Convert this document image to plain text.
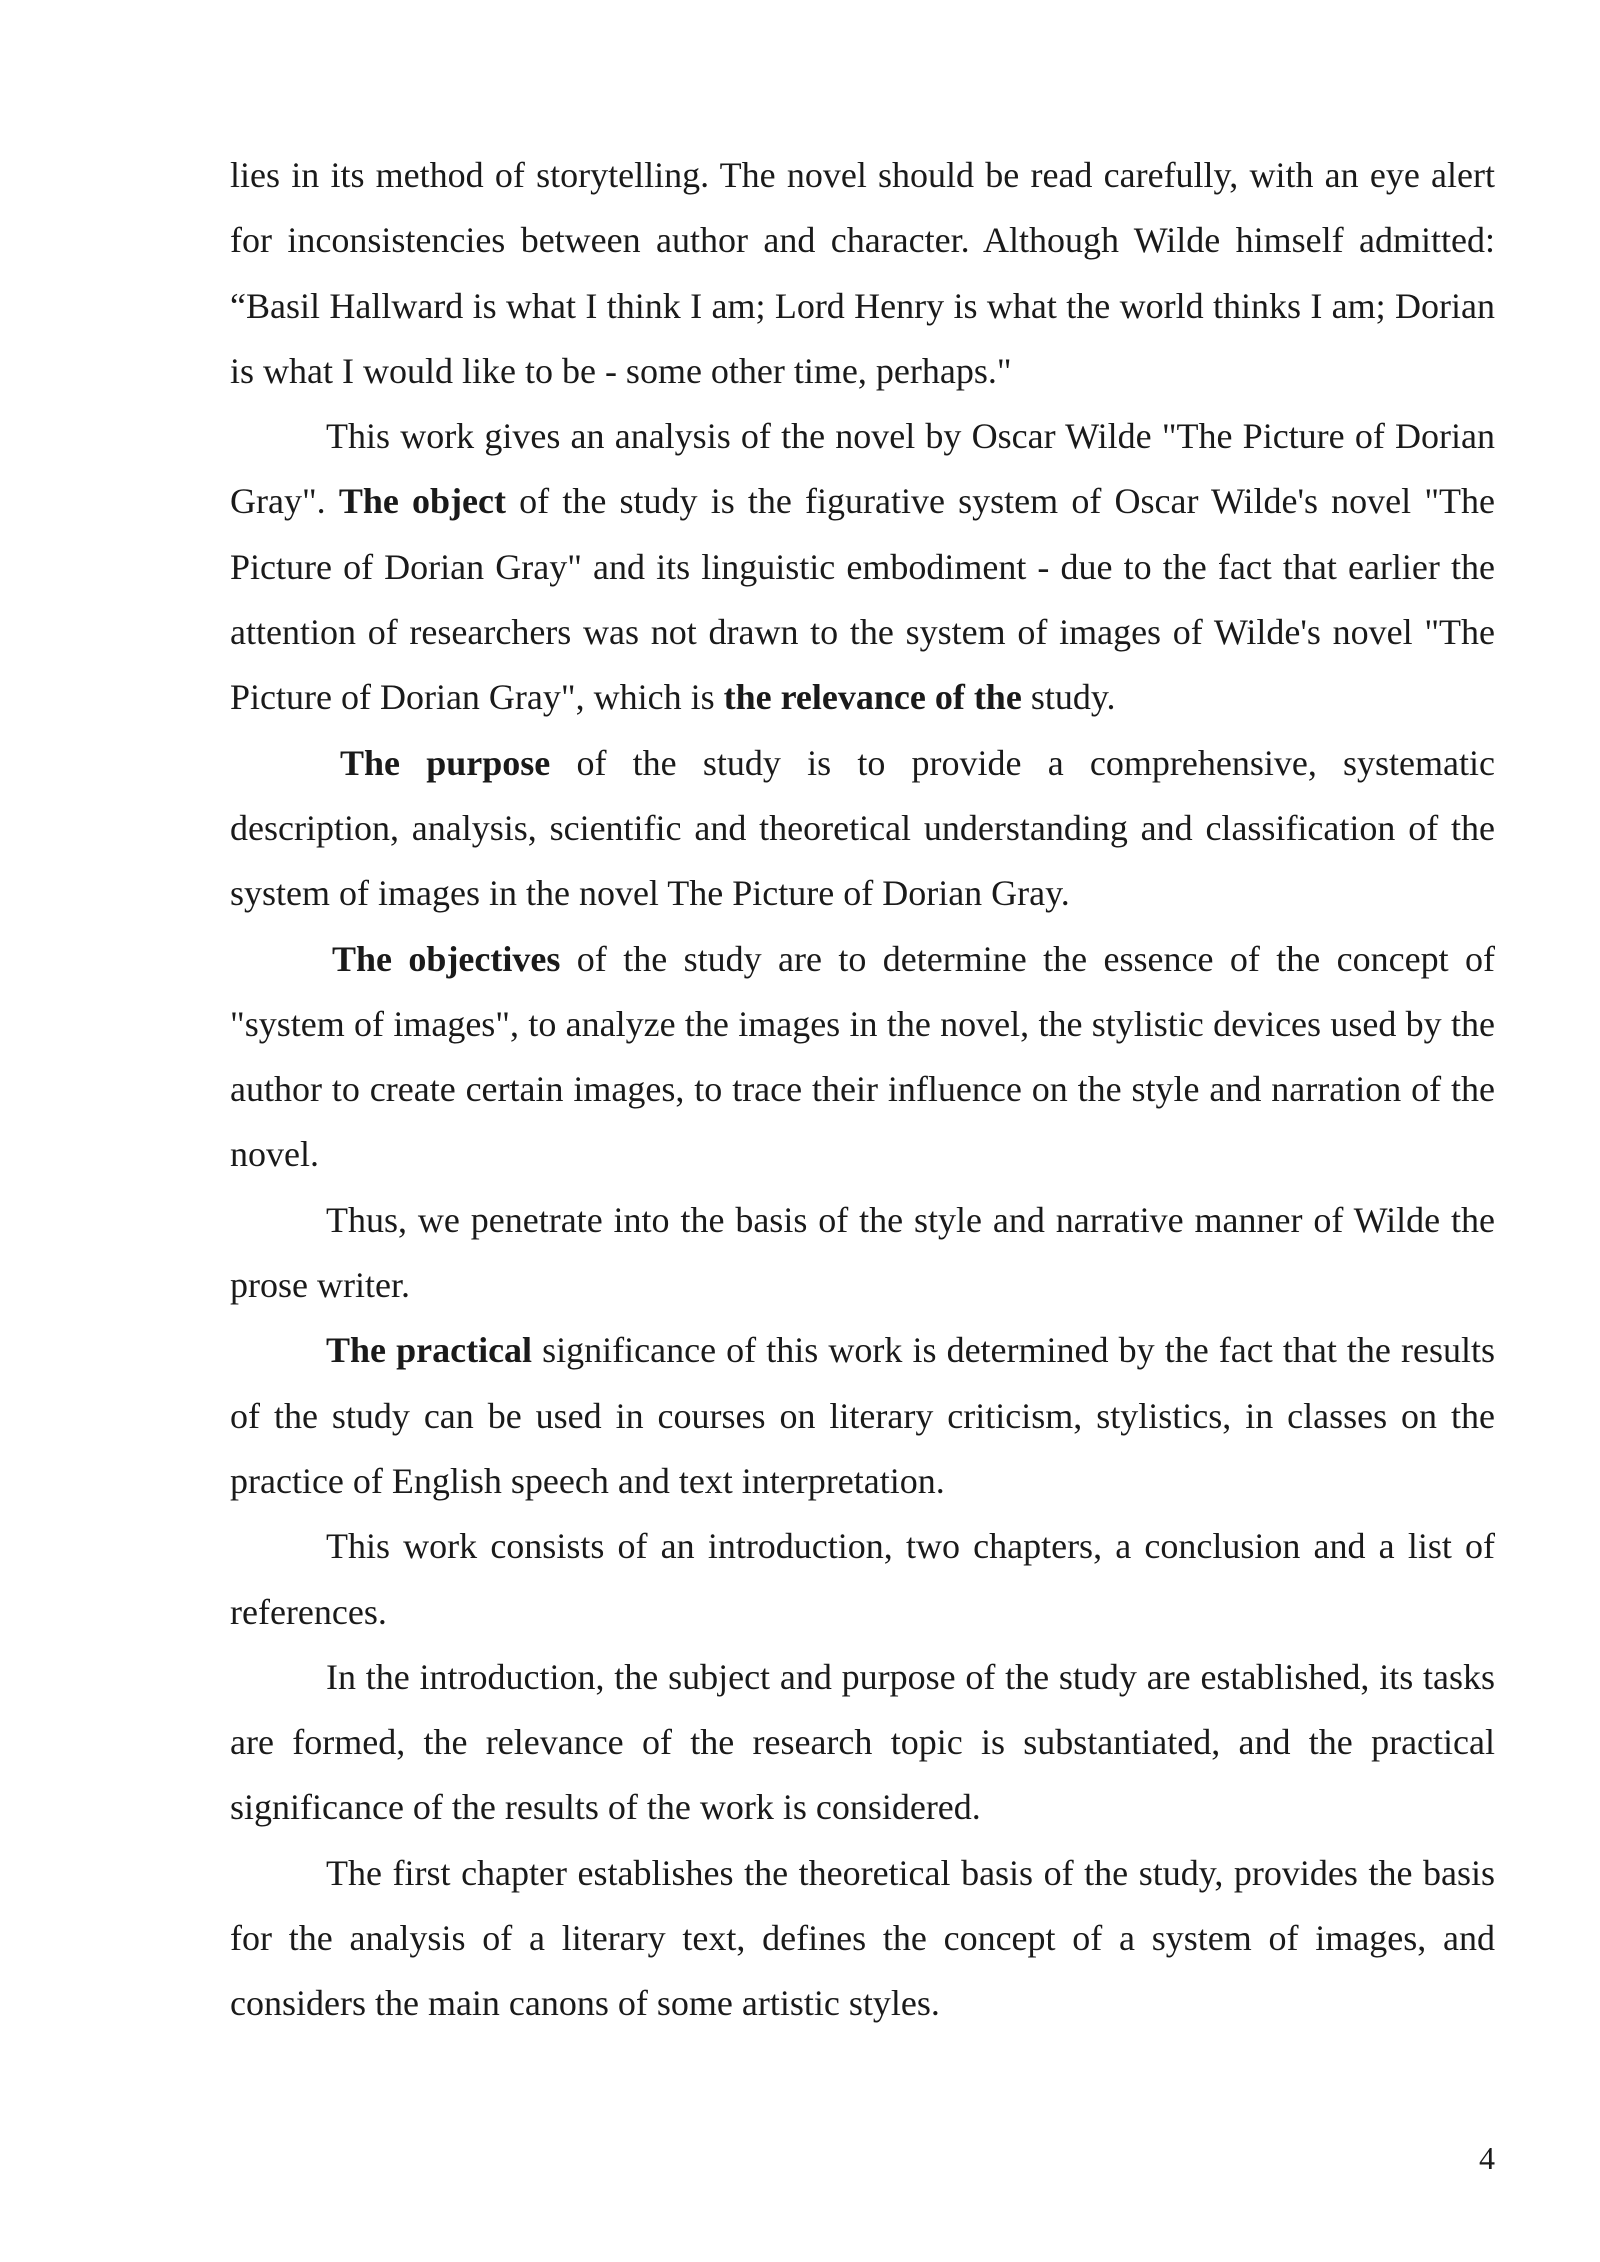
lies in its method of storytelling. The novel should be read carefully, with an eye alert for inconsistencies between author and character. Although Wilde himself admitted: “Basil Hallward is what I think I am; Lord Henry is what the world thinks I am; Dorian is what I would like to be - some other time, perhaps."

This work gives an analysis of the novel by Oscar Wilde "The Picture of Dorian Gray". The object of the study is the figurative system of Oscar Wilde's novel "The Picture of Dorian Gray" and its linguistic embodiment - due to the fact that earlier the attention of researchers was not drawn to the system of images of Wilde's novel "The Picture of Dorian Gray", which is the relevance of the study.

The purpose of the study is to provide a comprehensive, systematic description, analysis, scientific and theoretical understanding and classification of the system of images in the novel The Picture of Dorian Gray.

The objectives of the study are to determine the essence of the concept of "system of images", to analyze the images in the novel, the stylistic devices used by the author to create certain images, to trace their influence on the style and narration of the novel.

Thus, we penetrate into the basis of the style and narrative manner of Wilde the prose writer.

The practical significance of this work is determined by the fact that the results of the study can be used in courses on literary criticism, stylistics, in classes on the practice of English speech and text interpretation.

This work consists of an introduction, two chapters, a conclusion and a list of references.

In the introduction, the subject and purpose of the study are established, its tasks are formed, the relevance of the research topic is substantiated, and the practical significance of the results of the work is considered.

The first chapter establishes the theoretical basis of the study, provides the basis for the analysis of a literary text, defines the concept of a system of images, and considers the main canons of some artistic styles.

4
